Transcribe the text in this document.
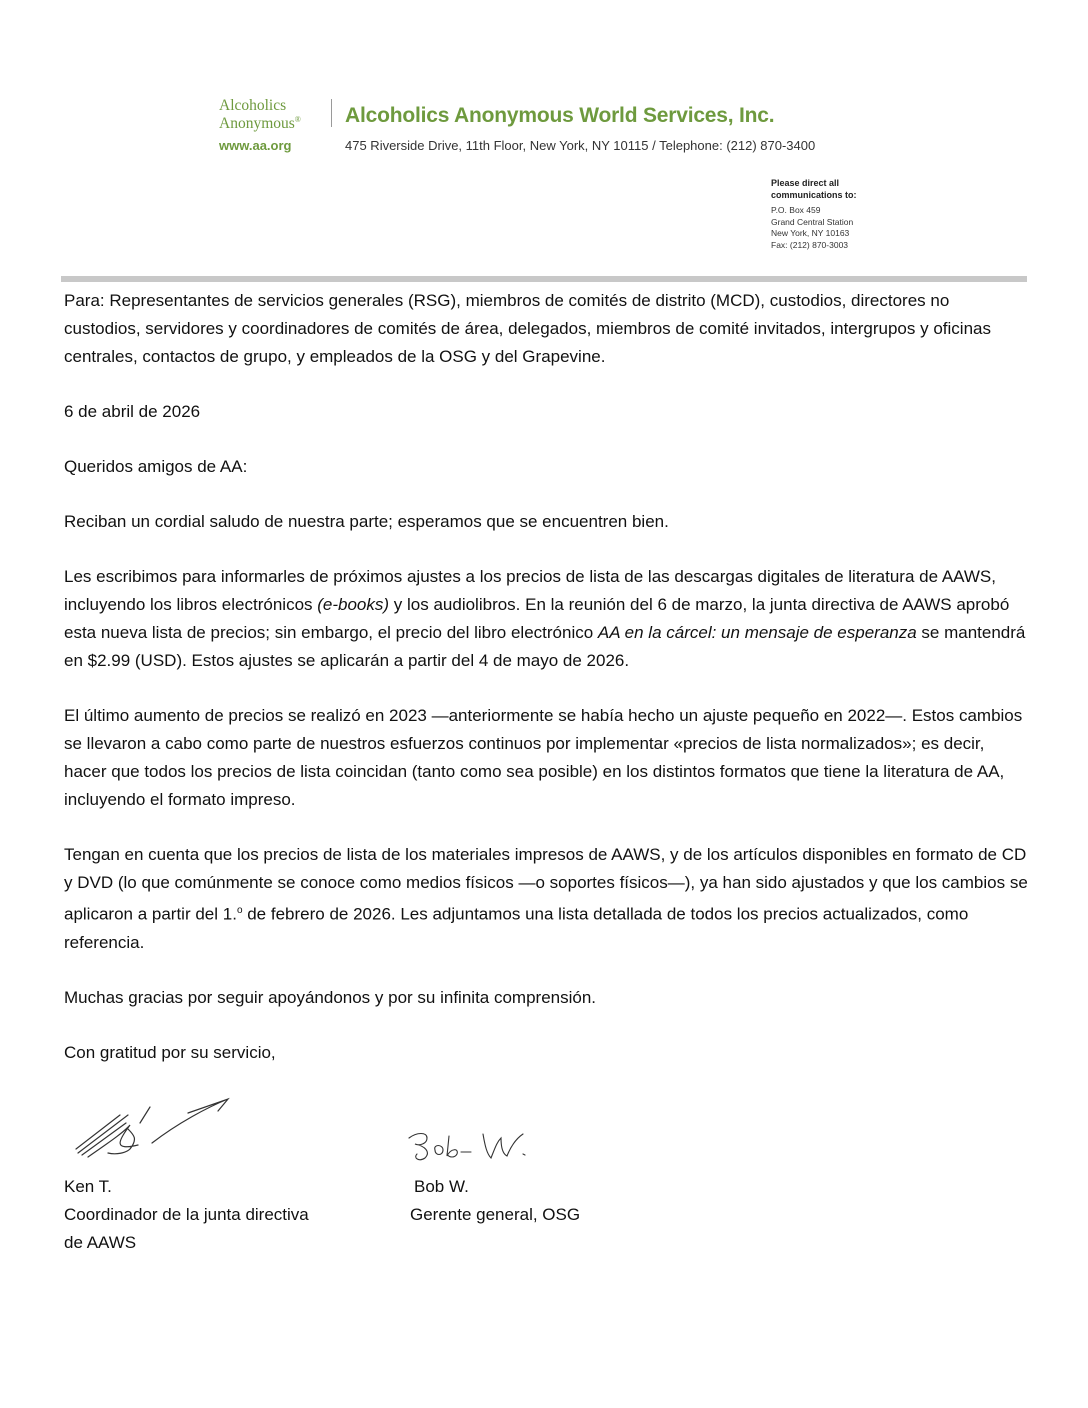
Alcoholics
Anonymous®
www.aa.org
Alcoholics Anonymous World Services, Inc.
475 Riverside Drive, 11th Floor, New York, NY 10115 / Telephone: (212) 870-3400
Please direct all
communications to:
P.O. Box 459
Grand Central Station
New York, NY 10163
Fax: (212) 870-3003

Para: Representantes de servicios generales (RSG), miembros de comités de distrito (MCD), custodios, directores no custodios, servidores y coordinadores de comités de área, delegados, miembros de comité invitados, intergrupos y oficinas centrales, contactos de grupo, y empleados de la OSG y del Grapevine.

6 de abril de 2026

Queridos amigos de AA:

Reciban un cordial saludo de nuestra parte; esperamos que se encuentren bien.

Les escribimos para informarles de próximos ajustes a los precios de lista de las descargas digitales de literatura de AAWS, incluyendo los libros electrónicos (e-books) y los audiolibros. En la reunión del 6 de marzo, la junta directiva de AAWS aprobó esta nueva lista de precios; sin embargo, el precio del libro electrónico AA en la cárcel: un mensaje de esperanza se mantendrá en $2.99 (USD). Estos ajustes se aplicarán a partir del 4 de mayo de 2026.

El último aumento de precios se realizó en 2023 —anteriormente se había hecho un ajuste pequeño en 2022—. Estos cambios se llevaron a cabo como parte de nuestros esfuerzos continuos por implementar «precios de lista normalizados»; es decir, hacer que todos los precios de lista coincidan (tanto como sea posible) en los distintos formatos que tiene la literatura de AA, incluyendo el formato impreso.

Tengan en cuenta que los precios de lista de los materiales impresos de AAWS, y de los artículos disponibles en formato de CD y DVD (lo que comúnmente se conoce como medios físicos —o soportes físicos—), ya han sido ajustados y que los cambios se aplicaron a partir del 1.$^o$ de febrero de 2026. Les adjuntamos una lista detallada de todos los precios actualizados, como referencia.

Muchas gracias por seguir apoyándonos y por su infinita comprensión.

Con gratitud por su servicio,

Ken T.
Coordinador de la junta directiva
de AAWS
Bob W.
Gerente general, OSG
